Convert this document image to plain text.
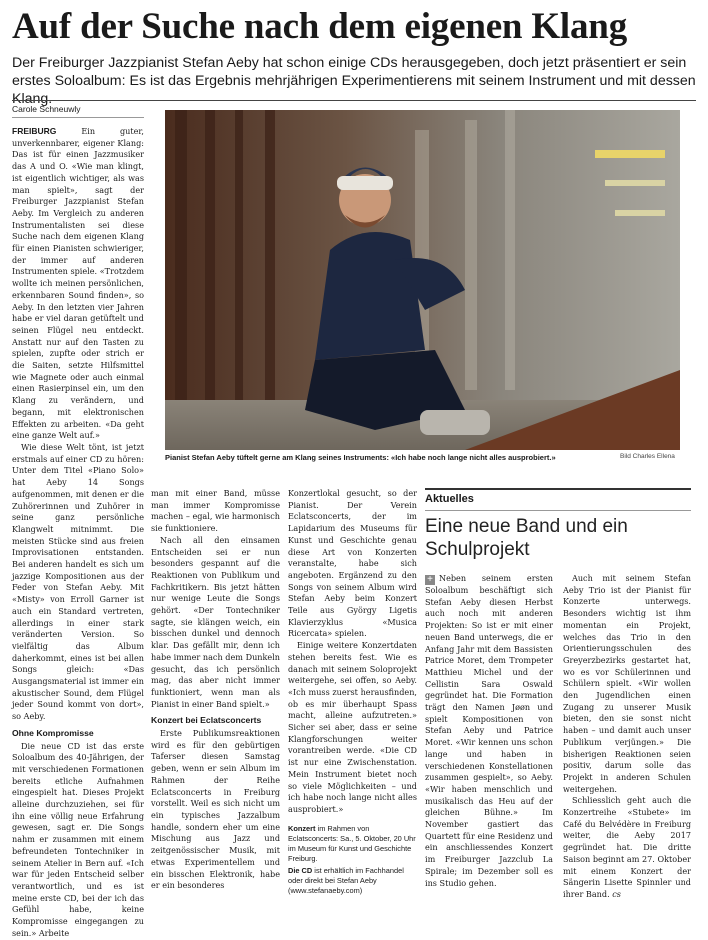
Auf der Suche nach dem eigenen Klang
Der Freiburger Jazzpianist Stefan Aeby hat schon einige CDs herausgegeben, doch jetzt präsentiert er sein erstes Soloalbum: Es ist das Ergebnis mehrjährigen Experimentierens mit seinem Instrument und mit dessen Klang.
Carole Schneuwly
Pianist Stefan Aeby tüftelt gerne am Klang seines Instruments: «Ich habe noch lange nicht alles ausprobiert.»	Bild Charles Ellena

FREIBURG	Ein guter, unverkennbarer, eigener Klang: Das ist für einen Jazzmusiker das A und O. «Wie man klingt, ist eigentlich wichtiger, als was man spielt», sagt der Freiburger Jazzpianist Stefan Aeby. Im Vergleich zu anderen Instrumentalisten sei diese Suche nach dem eigenen Klang für einen Pianisten schwieriger, der immer auf anderen Instrumenten spiele. «Trotzdem wollte ich meinen persönlichen, erkennbaren Sound finden», so Aeby. In den letzten vier Jahren habe er viel daran getüftelt und seinen Flügel neu entdeckt. Anstatt nur auf den Tasten zu spielen, zupfte oder strich er die Saiten, setzte Hilfsmittel wie Magnete oder auch einmal einen Rasierpinsel ein, um den Klang zu verändern, und begann, mit elektronischen Effekten zu arbeiten. «Da geht eine ganze Welt auf.»

Wie diese Welt tönt, ist jetzt erstmals auf einer CD zu hören: Unter dem Titel «Piano Solo» hat Aeby 14 Songs aufgenommen, mit denen er die Zuhörerinnen und Zuhörer in seine ganz persönliche Klangwelt mitnimmt. Die meisten Stücke sind aus freien Improvisationen entstanden. Bei anderen handelt es sich um jazzige Kompositionen aus der Feder von Stefan Aeby. Mit «Misty» von Erroll Garner ist auch ein Standard vertreten, allerdings in einer stark veränderten Version. So vielfältig das Album daherkommt, eines ist bei allen Songs gleich: «Das Ausgangsmaterial ist immer ein akustischer Sound, dem Flügel jeder Sound kommt von dort», so Aeby.

Ohne Kompromisse

Die neue CD ist das erste Soloalbum des 40-Jährigen, der mit verschiedenen Formationen bereits etliche Aufnahmen eingespielt hat. Dieses Projekt alleine durchzuziehen, sei für ihn eine völlig neue Erfahrung gewesen, sagt er. Die Songs nahm er zusammen mit einem befreundeten Tontechniker in seinem Atelier in Bern auf. «Ich war für jeden Entscheid selber verantwortlich, und es ist meine erste CD, bei der ich das Gefühl habe, keine Kompromisse eingegangen zu sein.» Arbeite

man mit einer Band, müsse man immer Kompromisse machen – egal, wie harmonisch sie funktioniere.

Nach all den einsamen Entscheiden sei er nun besonders gespannt auf die Reaktionen von Publikum und Fachkritikern. Bis jetzt hätten nur wenige Leute die Songs gehört. «Der Tontechniker sagte, sie klängen weich, ein bisschen dunkel und dennoch klar. Das gefällt mir, denn ich habe immer nach dem Dunkeln gesucht, das ich persönlich mag, das aber nicht immer funktioniert, wenn man als Pianist in einer Band spielt.»

Konzert bei Eclatsconcerts

Erste Publikumsreaktionen wird es für den gebürtigen Taferser diesen Samstag geben, wenn er sein Album im Rahmen der Reihe Eclatsconcerts in Freiburg vorstellt. Weil es sich nicht um ein typisches Jazzalbum handle, sondern eher um eine Mischung aus Jazz und zeitgenössischer Musik, mit etwas Experimentellem und ein bisschen Elektronik, habe er ein besonderes

Konzertlokal gesucht, so der Pianist. Der Verein Eclatsconcerts, der im Lapidarium des Museums für Kunst und Geschichte genau diese Art von Konzerten veranstalte, habe sich angeboten. Ergänzend zu den Songs von seinem Album wird Stefan Aeby beim Konzert Teile aus György Ligetis Klavierzyklus «Musica Ricercata» spielen.

Einige weitere Konzertdaten stehen bereits fest. Wie es danach mit seinem Soloprojekt weitergehe, sei offen, so Aeby. «Ich muss zuerst herausfinden, ob es mir überhaupt Spass macht, alleine aufzutreten.» Sicher sei aber, dass er seine Klangforschungen weiter vorantreiben werde. «Die CD ist nur eine Zwischenstation. Mein Instrument bietet noch so viele Möglichkeiten – und ich habe noch lange nicht alles ausprobiert.»

Konzert im Rahmen von Eclatsconcerts: Sa., 5. Oktober, 20 Uhr im Museum für Kunst und Geschichte Freiburg.
Die CD ist erhältlich im Fachhandel oder direkt bei Stefan Aeby (www.stefanaeby.com)
Aktuelles
Eine neue Band und ein Schulprojekt

+ Neben seinem ersten Soloalbum beschäftigt sich Stefan Aeby diesen Herbst auch noch mit anderen Projekten: So ist er mit einer neuen Band unterwegs, die er Anfang Jahr mit dem Bassisten Patrice Moret, dem Trompeter Matthieu Michel und der Cellistin Sara Oswald gegründet hat. Die Formation trägt den Namen Jøøn und spielt Kompositionen von Stefan Aeby und Patrice Moret. «Wir kennen uns schon lange und haben in verschiedenen Konstellationen zusammen gespielt», so Aeby. «Wir haben menschlich und musikalisch das Heu auf der gleichen Bühne.» Im November gastiert das Quartett für eine Residenz und ein anschliessendes Konzert im Freiburger Jazzclub La Spirale; im Dezember soll es ins Studio gehen.

Auch mit seinem Stefan Aeby Trio ist der Pianist für Konzerte unterwegs. Besonders wichtig ist ihm momentan ein Projekt, welches das Trio in den Orientierungsschulen des Greyerzbezirks gestartet hat, wo es vor Schülerinnen und Schülern spielt. «Wir wollen den Jugendlichen einen Zugang zu unserer Musik bieten, den sie sonst nicht haben – und damit auch unser Publikum verjüngen.» Die bisherigen Reaktionen seien positiv, darum solle das Projekt in anderen Schulen weitergehen.

Schliesslich geht auch die Konzertreihe «Stubete» im Café du Belvédère in Freiburg weiter, die Aeby 2017 gegründet hat. Die dritte Saison beginnt am 27. Oktober mit einem Konzert der Sängerin Lisette Spinnler und ihrer Band. cs
